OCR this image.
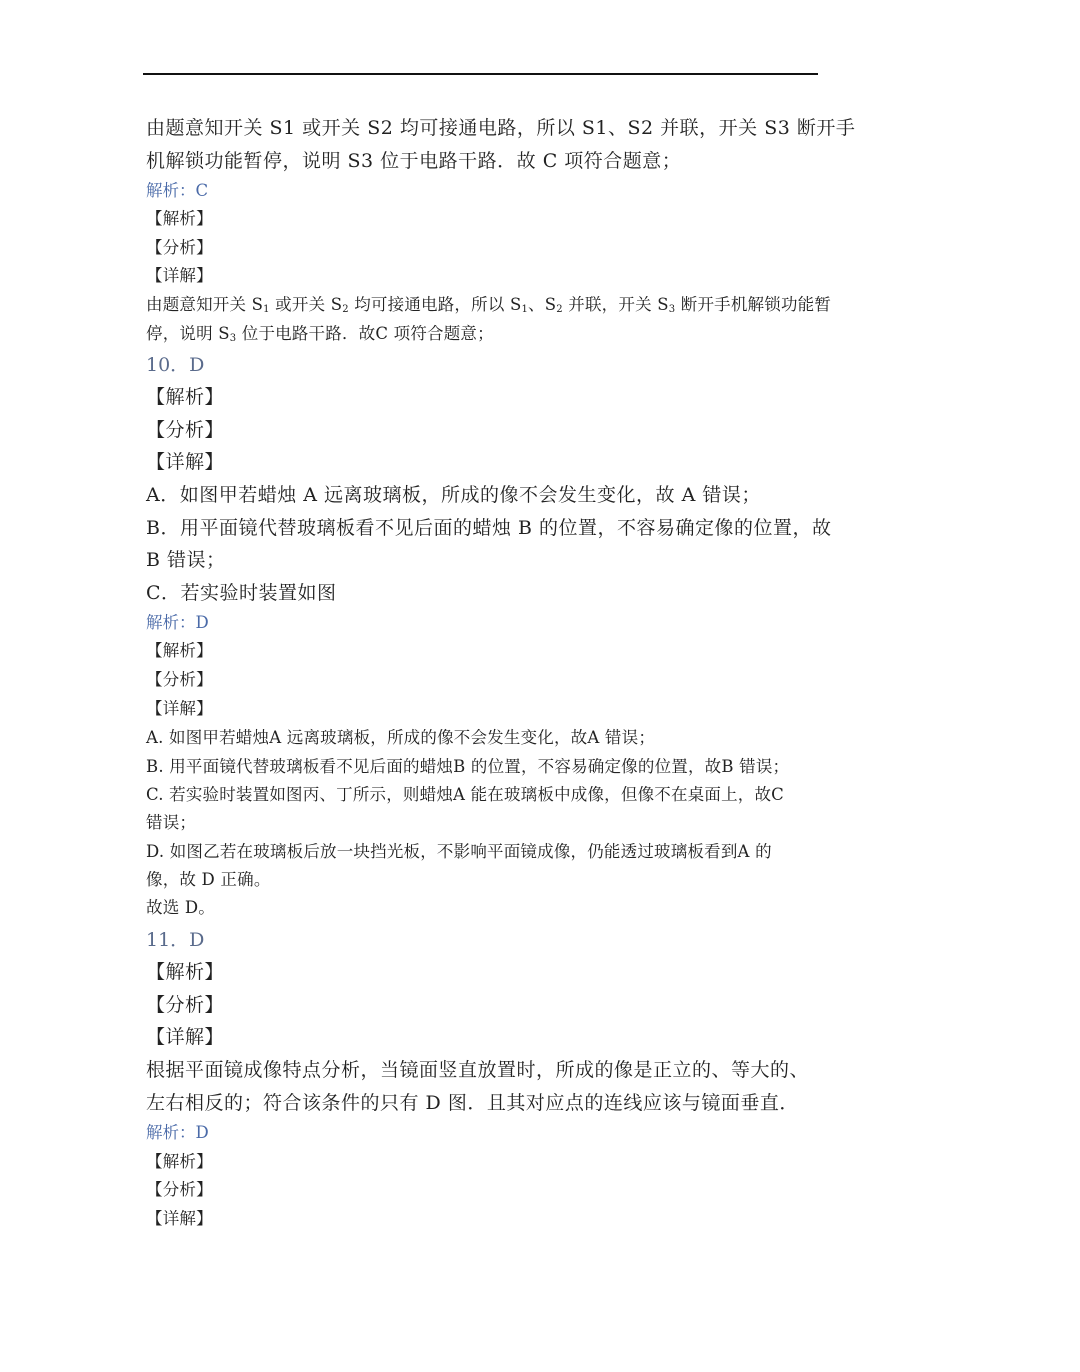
由题意知开关 S1 或开关 S2 均可接通电路，所以 S1、S2 并联，开关 S3 断开手
机解锁功能暂停，说明 S3 位于电路干路．故 C 项符合题意；
解析：C
【解析】
【分析】
【详解】
由题意知开关 $S_1$ 或开关 $S_2$ 均可接通电路，所以 $S_1$、$S_2$ 并联，开关 $S_3$ 断开手机解锁功能暂
停，说明 $S_3$ 位于电路干路．故C 项符合题意；
10．D
【解析】
【分析】
【详解】
A．如图甲若蜡烛 A 远离玻璃板，所成的像不会发生变化，故 A 错误；
B．用平面镜代替玻璃板看不见后面的蜡烛 B 的位置，不容易确定像的位置，故
B 错误；
C．若实验时装置如图
解析：D
【解析】
【分析】
【详解】
A. 如图甲若蜡烛A 远离玻璃板，所成的像不会发生变化，故A 错误；
B. 用平面镜代替玻璃板看不见后面的蜡烛B 的位置，不容易确定像的位置，故B 错误；
C. 若实验时装置如图丙、丁所示，则蜡烛A 能在玻璃板中成像，但像不在桌面上，故C
错误；
D. 如图乙若在玻璃板后放一块挡光板，不影响平面镜成像，仍能透过玻璃板看到A 的
像，故 D 正确。
故选 D。
11．D
【解析】
【分析】
【详解】
根据平面镜成像特点分析，当镜面竖直放置时，所成的像是正立的、等大的、
左右相反的；符合该条件的只有 D 图．且其对应点的连线应该与镜面垂直．
解析：D
【解析】
【分析】
【详解】
